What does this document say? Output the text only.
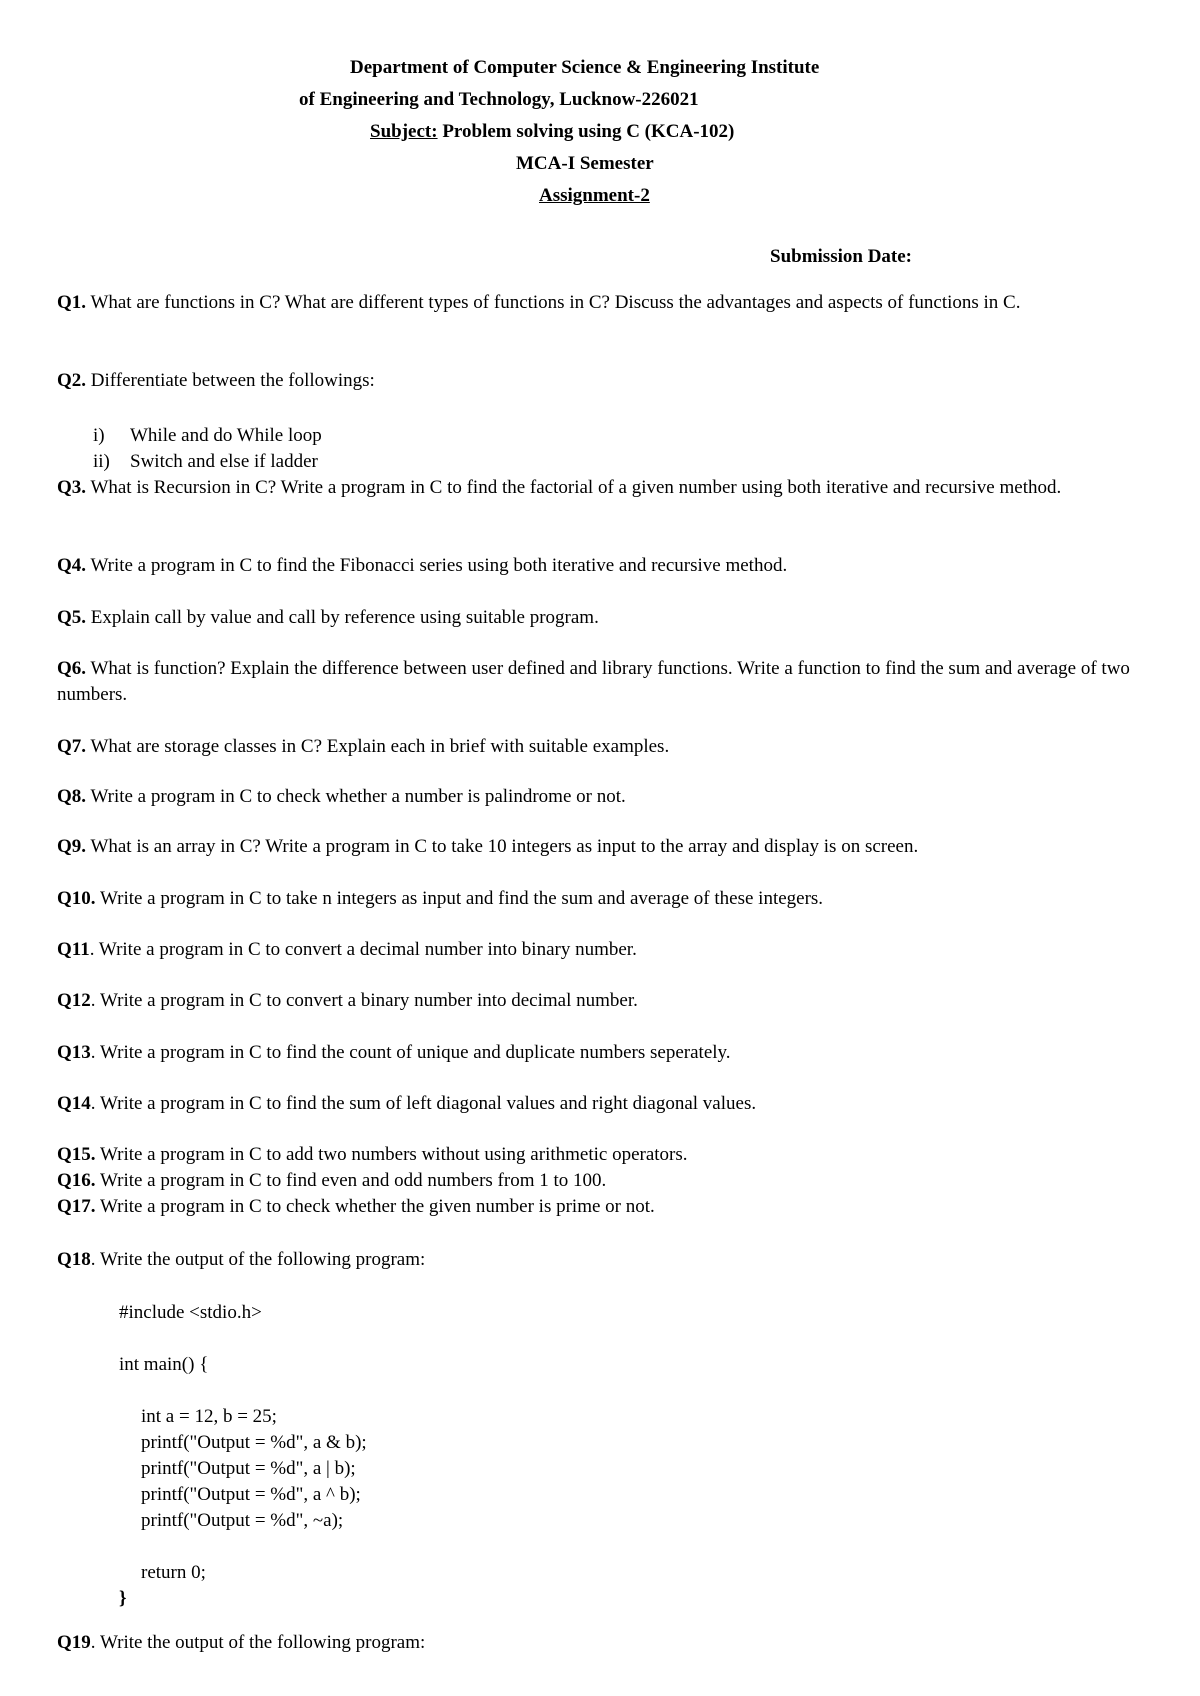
Department of Computer Science & Engineering Institute
of Engineering and Technology, Lucknow-226021
Subject: Problem solving using C (KCA-102)
MCA-I Semester
Assignment-2
Submission Date:
Q1. What are functions in C? What are different types of functions in C? Discuss the advantages and aspects of functions in C.
Q2. Differentiate between the followings:
i) While and do While loop
ii) Switch and else if ladder
Q3. What is Recursion in C? Write a program in C to find the factorial of a given number using both iterative and recursive method.
Q4. Write a program in C to find the Fibonacci series using both iterative and recursive method.
Q5. Explain call by value and call by reference using suitable program.
Q6. What is function? Explain the difference between user defined and library functions. Write a function to find the sum and average of two numbers.
Q7. What are storage classes in C? Explain each in brief with suitable examples.
Q8. Write a program in C to check whether a number is palindrome or not.
Q9. What is an array in C? Write a program in C to take 10 integers as input to the array and display is on screen.
Q10. Write a program in C to take n integers as input and find the sum and average of these integers.
Q11. Write a program in C to convert a decimal number into binary number.
Q12. Write a program in C to convert a binary number into decimal number.
Q13. Write a program in C to find the count of unique and duplicate numbers seperately.
Q14. Write a program in C to find the sum of left diagonal values and right diagonal values.
Q15. Write a program in C to add two numbers without using arithmetic operators.
Q16. Write a program in C to find even and odd numbers from 1 to 100.
Q17. Write a program in C to check whether the given number is prime or not.
Q18. Write the output of the following program:
#include <stdio.h>
int main() {
int a = 12, b = 25;
printf("Output = %d", a & b);
printf("Output = %d", a | b);
printf("Output = %d", a ^ b);
printf("Output = %d", ~a);
return 0;
}
Q19. Write the output of the following program:
